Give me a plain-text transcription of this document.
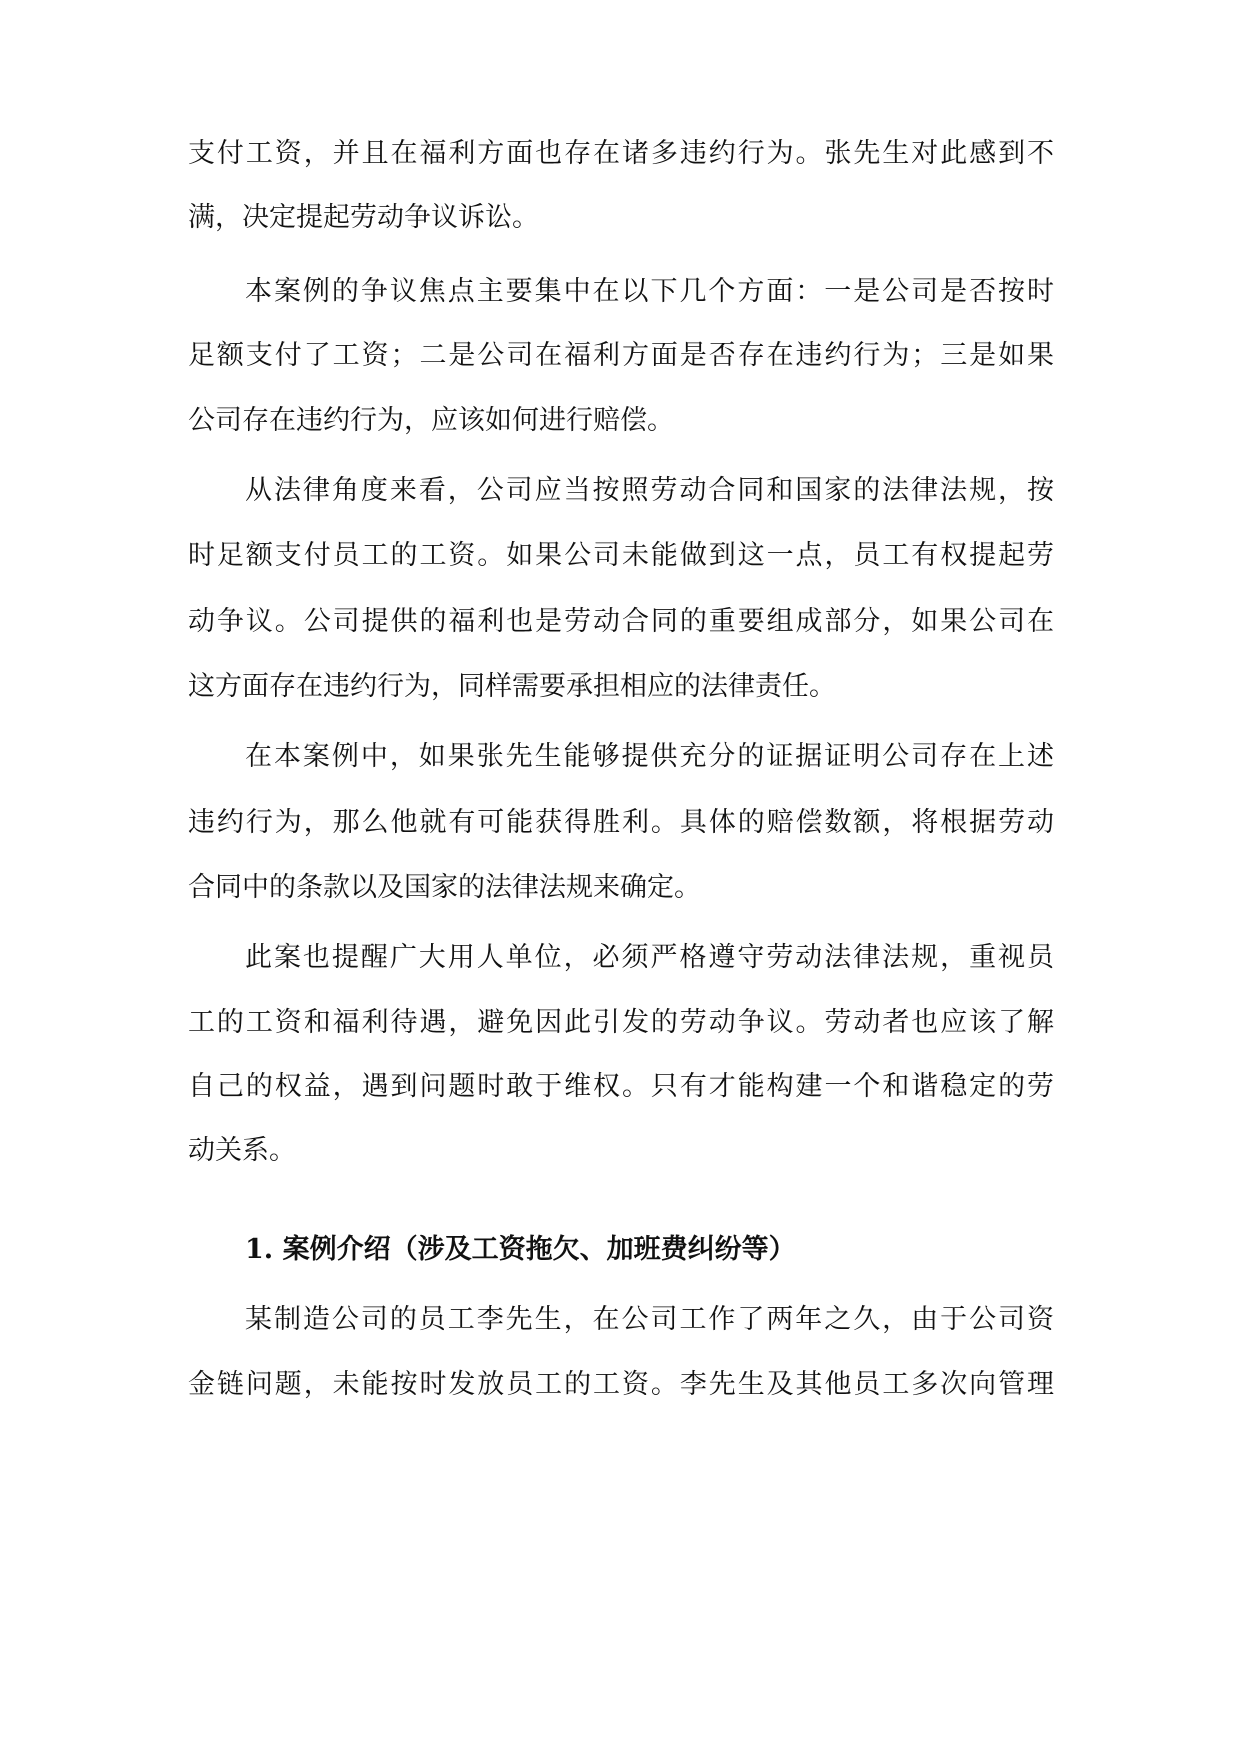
支付工资，并且在福利方面也存在诸多违约行为。张先生对此感到不
满，决定提起劳动争议诉讼。
本案例的争议焦点主要集中在以下几个方面：一是公司是否按时
足额支付了工资；二是公司在福利方面是否存在违约行为；三是如果
公司存在违约行为，应该如何进行赔偿。
从法律角度来看，公司应当按照劳动合同和国家的法律法规，按
时足额支付员工的工资。如果公司未能做到这一点，员工有权提起劳
动争议。公司提供的福利也是劳动合同的重要组成部分，如果公司在
这方面存在违约行为，同样需要承担相应的法律责任。
在本案例中，如果张先生能够提供充分的证据证明公司存在上述
违约行为，那么他就有可能获得胜利。具体的赔偿数额，将根据劳动
合同中的条款以及国家的法律法规来确定。
此案也提醒广大用人单位，必须严格遵守劳动法律法规，重视员
工的工资和福利待遇，避免因此引发的劳动争议。劳动者也应该了解
自己的权益，遇到问题时敢于维权。只有才能构建一个和谐稳定的劳
动关系。
1. 案例介绍（涉及工资拖欠、加班费纠纷等）
某制造公司的员工李先生，在公司工作了两年之久，由于公司资
金链问题，未能按时发放员工的工资。李先生及其他员工多次向管理
